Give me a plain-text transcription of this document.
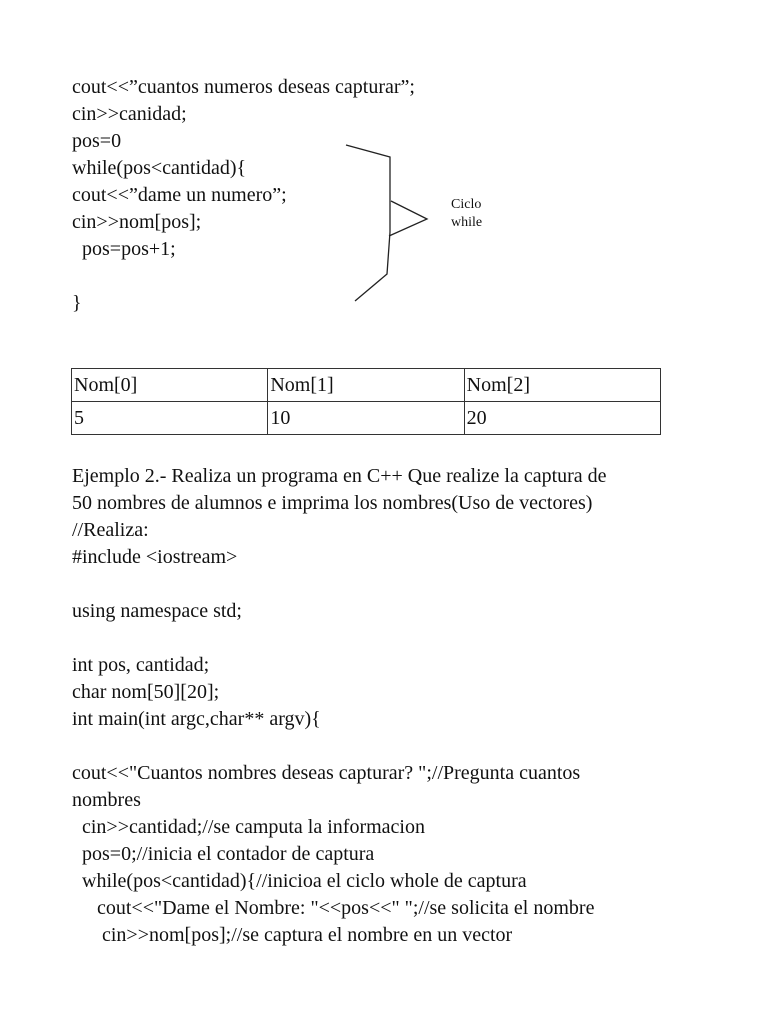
cout<<”cuantos numeros deseas capturar”;

cin>>canidad;

pos=0

while(pos<cantidad){

cout<<”dame un numero”;

cin>>nom[pos];

pos=pos+1;

}

Ciclo
while
Nom[0]	Nom[1]	Nom[2]
5	10	20

Ejemplo 2.- Realiza un programa en C++ Que realize la captura de

50 nombres de alumnos e imprima los nombres(Uso de vectores)

//Realiza:

#include <iostream>

using namespace std;

int pos, cantidad;

char nom[50][20];

int main(int argc,char** argv){

cout<<"Cuantos nombres deseas capturar? ";//Pregunta cuantos

nombres

cin>>cantidad;//se camputa la informacion

pos=0;//inicia el contador de captura

while(pos<cantidad){//inicioa el ciclo whole de captura

cout<<"Dame el Nombre: "<<pos<<" ";//se solicita el nombre

cin>>nom[pos];//se captura el nombre en un vector
